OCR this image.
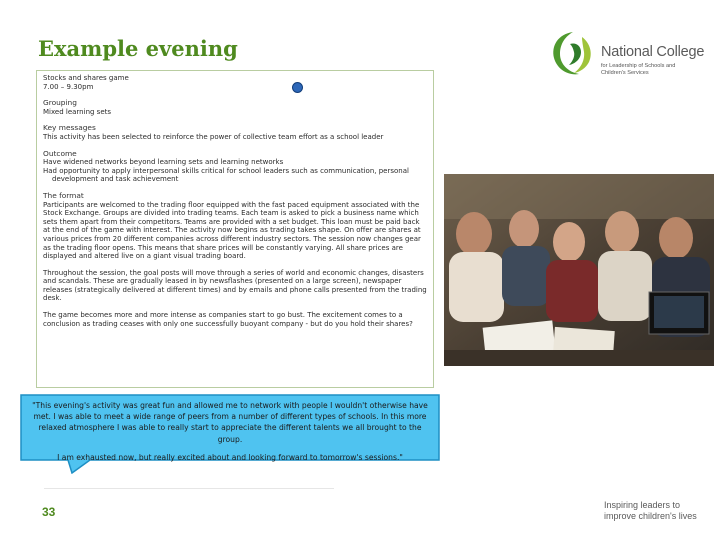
Example evening	National College
for Leadership of Schools and Children's Services

Stocks and shares game

7.00 – 9.30pm

Grouping

Mixed learning sets

Key messages

This activity has been selected to reinforce the power of collective team effort as a school leader

Outcome

Have widened networks beyond learning sets and learning networks

Had opportunity to apply interpersonal skills critical for school leaders such as communication, personal

development and task achievement

The format

Participants are welcomed to the trading floor equipped with the fast paced equipment associated with the Stock Exchange. Groups are divided into trading teams. Each team is asked to pick a business name which sets them apart from their competitors. Teams are provided with a set budget. This loan must be paid back at the end of the game with interest. The activity now begins as trading takes shape. On offer are shares at various prices from 20 different companies across different industry sectors. The session now changes gear as the trading floor opens. This means that share prices will be constantly varying. All share prices are displayed and altered live on a giant visual trading board.

Throughout the session, the goal posts will move through a series of world and economic changes, disasters and scandals. These are gradually leased in by newsflashes (presented on a large screen), newspaper releases (strategically delivered at different times) and by emails and phone calls presented from the trading desk.

The game becomes more and more intense as companies start to go bust. The excitement comes to a conclusion as trading ceases with only one successfully buoyant company - but do you hold their shares?

"This evening's activity was great fun and allowed me to network with people I wouldn't otherwise have met. I was able to meet a wide range of peers from a number of different types of schools. In this more relaxed atmosphere I was able to really start to appreciate the different talents we all brought to the group.

I am exhausted now, but really excited about and looking forward to tomorrow's sessions."

33	Inspiring leaders to
improve children's lives
